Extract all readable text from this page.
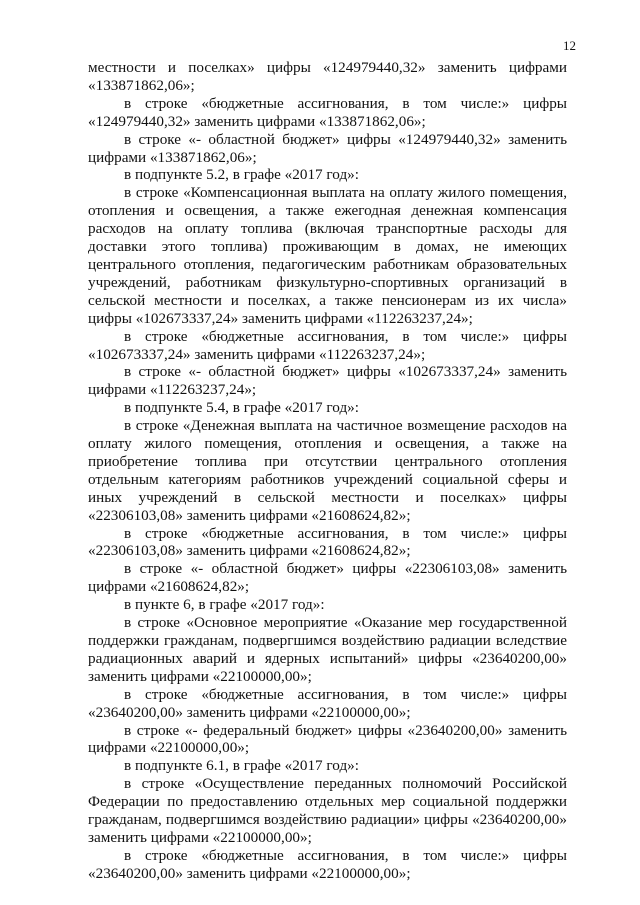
12

местности и поселках» цифры «124979440,32» заменить цифрами «133871862,06»;

в строке «бюджетные ассигнования, в том числе:» цифры «124979440,32» заменить цифрами «133871862,06»;

в строке «- областной бюджет» цифры «124979440,32» заменить цифрами «133871862,06»;

в подпункте 5.2, в графе «2017 год»:

в строке «Компенсационная выплата на оплату жилого помещения, отопления и освещения, а также ежегодная денежная компенсация расходов на оплату топлива (включая транспортные расходы для доставки этого топлива) проживающим в домах, не имеющих центрального отопления, педагогическим работникам образовательных учреждений, работникам физкультурно-спортивных организаций в сельской местности и поселках, а также пенсионерам из их числа» цифры «102673337,24» заменить цифрами «112263237,24»;

в строке «бюджетные ассигнования, в том числе:» цифры «102673337,24» заменить цифрами «112263237,24»;

в строке «- областной бюджет» цифры «102673337,24» заменить цифрами «112263237,24»;

в подпункте 5.4, в графе «2017 год»:

в строке «Денежная выплата на частичное возмещение расходов на оплату жилого помещения, отопления и освещения, а также на приобретение топлива при отсутствии центрального отопления отдельным категориям работников учреждений социальной сферы и иных учреждений в сельской местности и поселках» цифры «22306103,08» заменить цифрами «21608624,82»;

в строке «бюджетные ассигнования, в том числе:» цифры «22306103,08» заменить цифрами «21608624,82»;

в строке «- областной бюджет» цифры «22306103,08» заменить цифрами «21608624,82»;

в пункте 6, в графе «2017 год»:

в строке «Основное мероприятие «Оказание мер государственной поддержки гражданам, подвергшимся воздействию радиации вследствие радиационных аварий и ядерных испытаний» цифры «23640200,00» заменить цифрами «22100000,00»;

в строке «бюджетные ассигнования, в том числе:» цифры «23640200,00» заменить цифрами «22100000,00»;

в строке «- федеральный бюджет» цифры «23640200,00» заменить цифрами «22100000,00»;

в подпункте 6.1, в графе «2017 год»:

в строке «Осуществление переданных полномочий Российской Федерации по предоставлению отдельных мер социальной поддержки гражданам, подвергшимся воздействию радиации» цифры «23640200,00» заменить цифрами «22100000,00»;

в строке «бюджетные ассигнования, в том числе:» цифры «23640200,00» заменить цифрами «22100000,00»;
